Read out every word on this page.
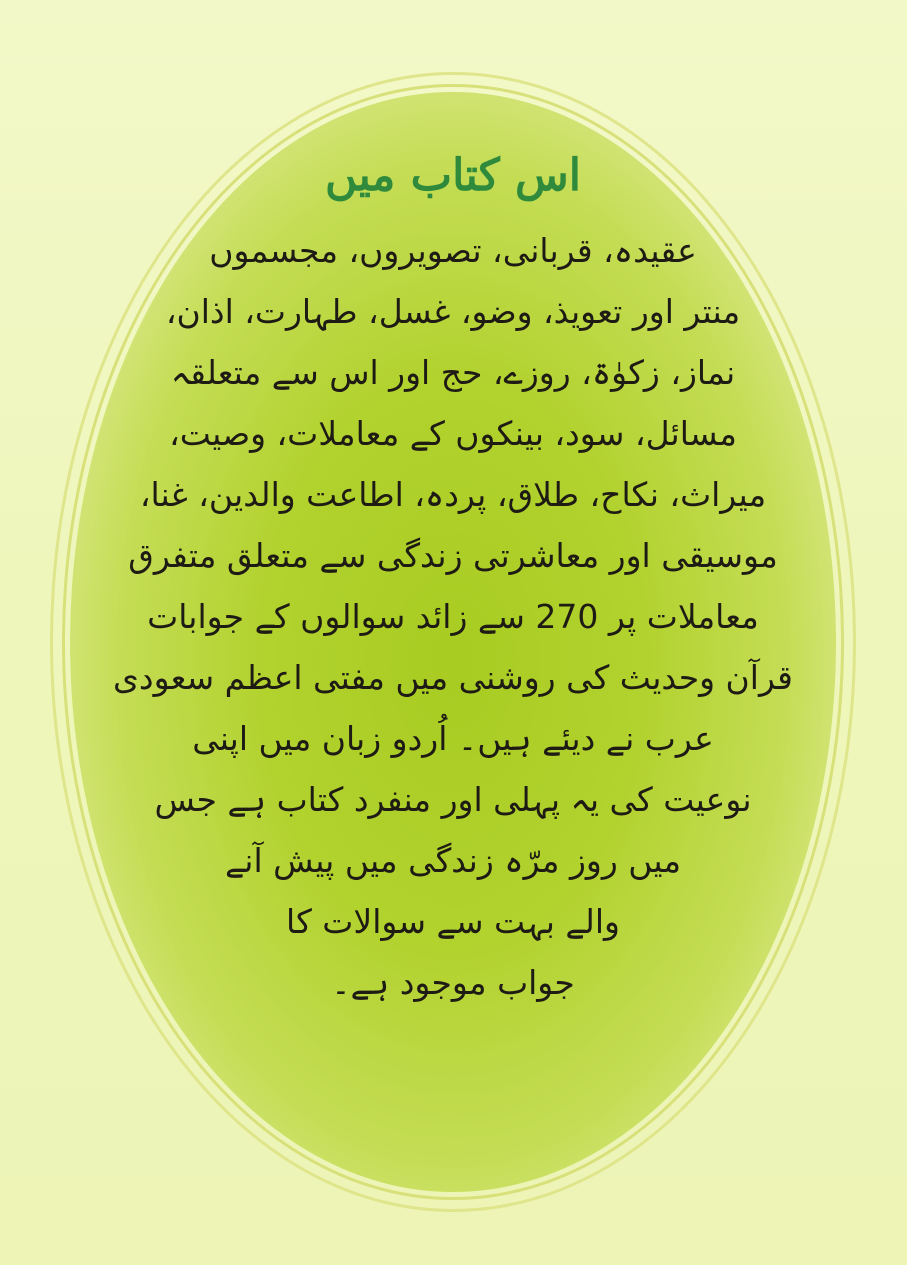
اس کتاب میں
عقیدہ، قربانی، تصویروں، مجسموں
منتر اور تعویذ، وضو، غسل، طہارت، اذان،
نماز، زکوٰۃ، روزے، حج اور اس سے متعلقہ
مسائل، سود، بینکوں کے معاملات، وصیت،
میراث، نکاح، طلاق، پردہ، اطاعت والدین، غنا،
موسیقی اور معاشرتی زندگی سے متعلق متفرق
معاملات پر 270 سے زائد سوالوں کے جوابات
قرآن وحدیث کی روشنی میں مفتی اعظم سعودی
عرب نے دیئے ہیں۔ اُردو زبان میں اپنی
نوعیت کی یہ پہلی اور منفرد کتاب ہے جس
میں روز مرّہ زندگی میں پیش آنے
والے بہت سے سوالات کا
جواب موجود ہے۔
